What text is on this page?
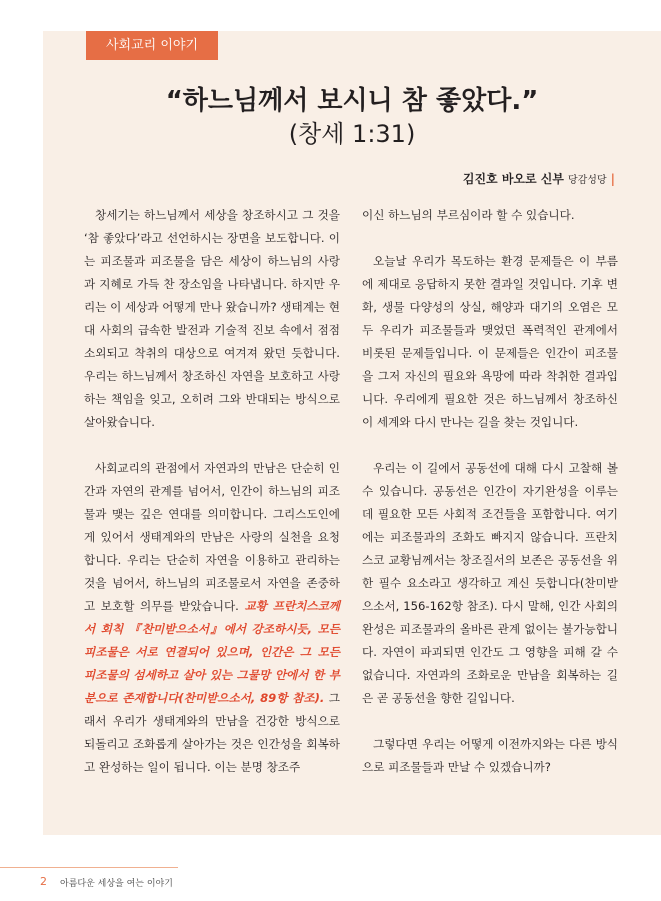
사회교리 이야기
“하느님께서 보시니 참 좋았다.”
(창세 1:31)
김진호 바오로 신부 당감성당 |

창세기는 하느님께서 세상을 창조하시고 그 것을 ‘참 좋았다’라고 선언하시는 장면을 보도합니다. 이는 피조물과 피조물을 담은 세상이 하느님의 사랑과 지혜로 가득 찬 장소임을 나타냅니다. 하지만 우리는 이 세상과 어떻게 만나 왔습니까? 생태계는 현대 사회의 급속한 발전과 기술적 진보 속에서 점점 소외되고 착취의 대상으로 여겨져 왔던 듯합니다. 우리는 하느님께서 창조하신 자연을 보호하고 사랑하는 책임을 잊고, 오히려 그와 반대되는 방식으로 살아왔습니다.

사회교리의 관점에서 자연과의 만남은 단순히 인간과 자연의 관계를 넘어서, 인간이 하느님의 피조물과 맺는 깊은 연대를 의미합니다. 그리스도인에게 있어서 생태계와의 만남은 사랑의 실천을 요청합니다. 우리는 단순히 자연을 이용하고 관리하는 것을 넘어서, 하느님의 피조물로서 자연을 존중하고 보호할 의무를 받았습니다. 교황 프란치스코께서 회칙 『찬미받으소서』에서 강조하시듯, 모든 피조물은 서로 연결되어 있으며, 인간은 그 모든 피조물의 섬세하고 살아 있는 그물망 안에서 한 부분으로 존재합니다(찬미받으소서, 89항 참조). 그래서 우리가 생태계와의 만남을 건강한 방식으로 되돌리고 조화롭게 살아가는 것은 인간성을 회복하고 완성하는 일이 됩니다. 이는 분명 창조주

이신 하느님의 부르심이라 할 수 있습니다.

오늘날 우리가 목도하는 환경 문제들은 이 부름에 제대로 응답하지 못한 결과일 것입니다. 기후 변화, 생물 다양성의 상실, 해양과 대기의 오염은 모두 우리가 피조물들과 맺었던 폭력적인 관계에서 비롯된 문제들입니다. 이 문제들은 인간이 피조물을 그저 자신의 필요와 욕망에 따라 착취한 결과입니다. 우리에게 필요한 것은 하느님께서 창조하신 이 세계와 다시 만나는 길을 찾는 것입니다.

우리는 이 길에서 공동선에 대해 다시 고찰해 볼 수 있습니다. 공동선은 인간이 자기완성을 이루는 데 필요한 모든 사회적 조건들을 포함합니다. 여기에는 피조물과의 조화도 빠지지 않습니다. 프란치스코 교황님께서는 창조질서의 보존은 공동선을 위한 필수 요소라고 생각하고 계신 듯합니다(찬미받으소서, 156-162항 참조). 다시 말해, 인간 사회의 완성은 피조물과의 올바른 관계 없이는 불가능합니다. 자연이 파괴되면 인간도 그 영향을 피해 갈 수 없습니다. 자연과의 조화로운 만남을 회복하는 길은 곧 공동선을 향한 길입니다.

그렇다면 우리는 어떻게 이전까지와는 다른 방식으로 피조물들과 만날 수 있겠습니까?

2 아름다운 세상을 여는 이야기
